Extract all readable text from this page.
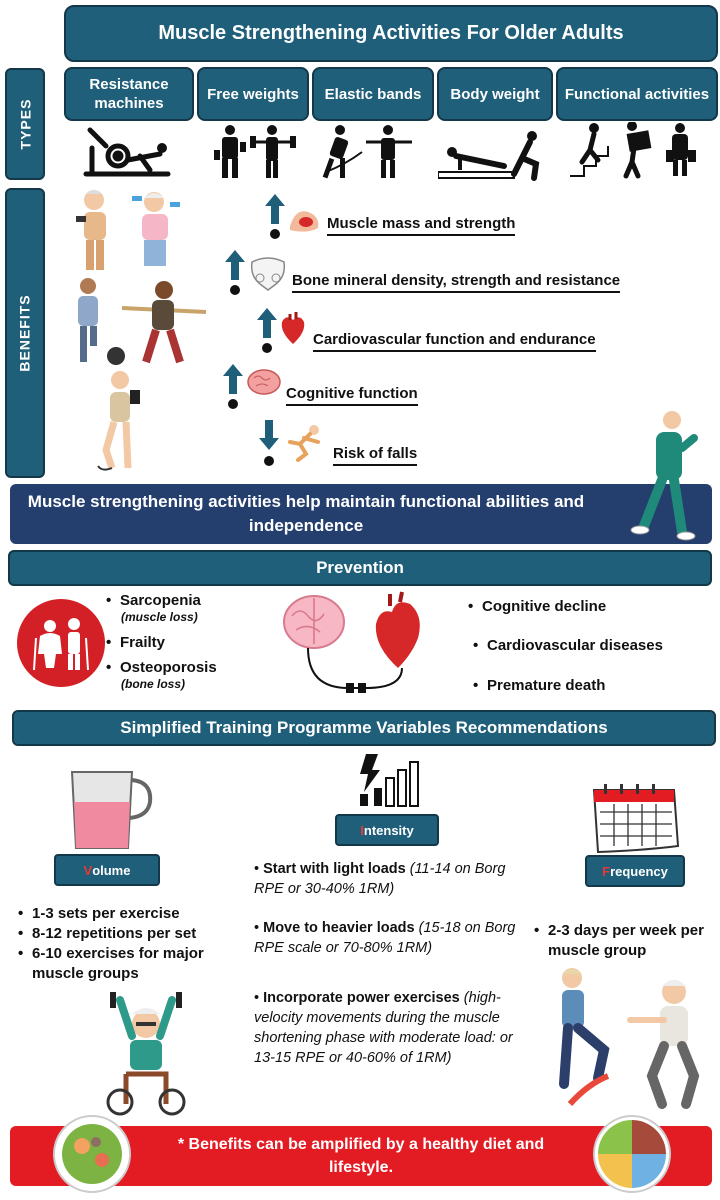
Muscle Strengthening Activities For Older Adults
TYPES
BENEFITS
Resistance machines
Free weights	Elastic bands	Body weight	Functional activities
Muscle mass and strength
Bone mineral density, strength and resistance
Cardiovascular function and endurance
Cognitive function
Risk of falls
Muscle strengthening activities help maintain functional abilities and independence
Prevention
• Sarcopenia
(muscle loss)
• Frailty
• Osteoporosis
(bone loss)
• Cognitive decline
• Cardiovascular diseases
• Premature death
Simplified Training Programme Variables Recommendations
V olume
• 1-3 sets per exercise
• 8-12 repetitions per set
• 6-10 exercises for major muscle groups
I ntensity
• Start with light loads (11-14 on Borg RPE or 30-40% 1RM)
• Move to heavier loads (15-18 on Borg RPE scale or 70-80% 1RM)
• Incorporate power exercises (high-velocity movements during the muscle shortening phase with moderate load: or 13-15 RPE or 40-60% of 1RM)
F requency
• 2-3 days per week per muscle group
* Benefits can be amplified by a healthy diet and lifestyle.
